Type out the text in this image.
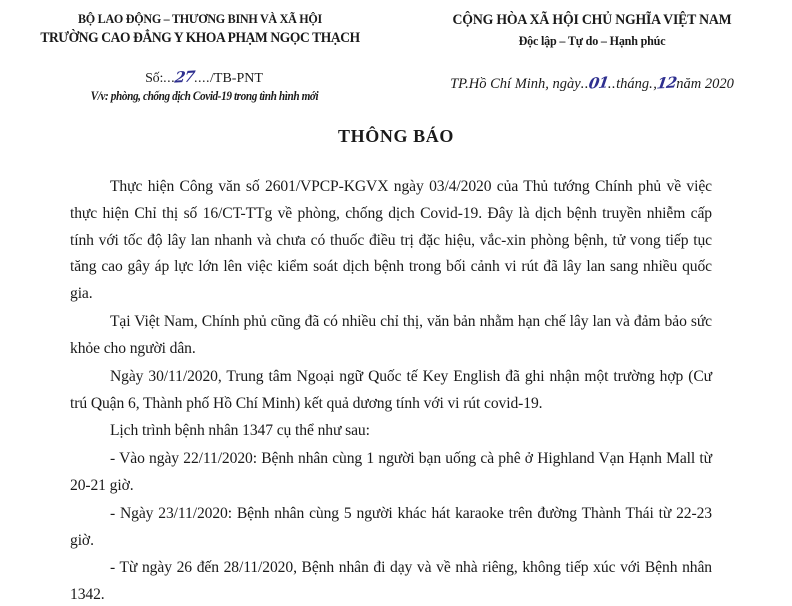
BỘ LAO ĐỘNG – THƯƠNG BINH VÀ XÃ HỘI
TRƯỜNG CAO ĐẲNG Y KHOA PHẠM NGỌC THẠCH
CỘNG HÒA XÃ HỘI CHỦ NGHĨA VIỆT NAM
Độc lập – Tự do – Hạnh phúc
Số:...27..../TB-PNT
V/v: phòng, chống dịch Covid-19 trong tình hình mới
TP.Hồ Chí Minh, ngày..01..tháng.,12năm 2020
THÔNG BÁO

Thực hiện Công văn số 2601/VPCP-KGVX ngày 03/4/2020 của Thủ tướng Chính phủ về việc thực hiện Chỉ thị số 16/CT-TTg về phòng, chống dịch Covid-19. Đây là dịch bệnh truyền nhiễm cấp tính với tốc độ lây lan nhanh và chưa có thuốc điều trị đặc hiệu, vắc-xin phòng bệnh, tử vong tiếp tục tăng cao gây áp lực lớn lên việc kiểm soát dịch bệnh trong bối cảnh vi rút đã lây lan sang nhiều quốc gia.

Tại Việt Nam, Chính phủ cũng đã có nhiều chỉ thị, văn bản nhằm hạn chế lây lan và đảm bảo sức khỏe cho người dân.

Ngày 30/11/2020, Trung tâm Ngoại ngữ Quốc tế Key English đã ghi nhận một trường hợp (Cư trú Quận 6, Thành phố Hồ Chí Minh) kết quả dương tính với vi rút covid-19.

Lịch trình bệnh nhân 1347 cụ thể như sau:

- Vào ngày 22/11/2020: Bệnh nhân cùng 1 người bạn uống cà phê ở Highland Vạn Hạnh Mall từ 20-21 giờ.

- Ngày 23/11/2020: Bệnh nhân cùng 5 người khác hát karaoke trên đường Thành Thái từ 22-23 giờ.

- Từ ngày 26 đến 28/11/2020, Bệnh nhân đi dạy và về nhà riêng, không tiếp xúc với Bệnh nhân 1342.
